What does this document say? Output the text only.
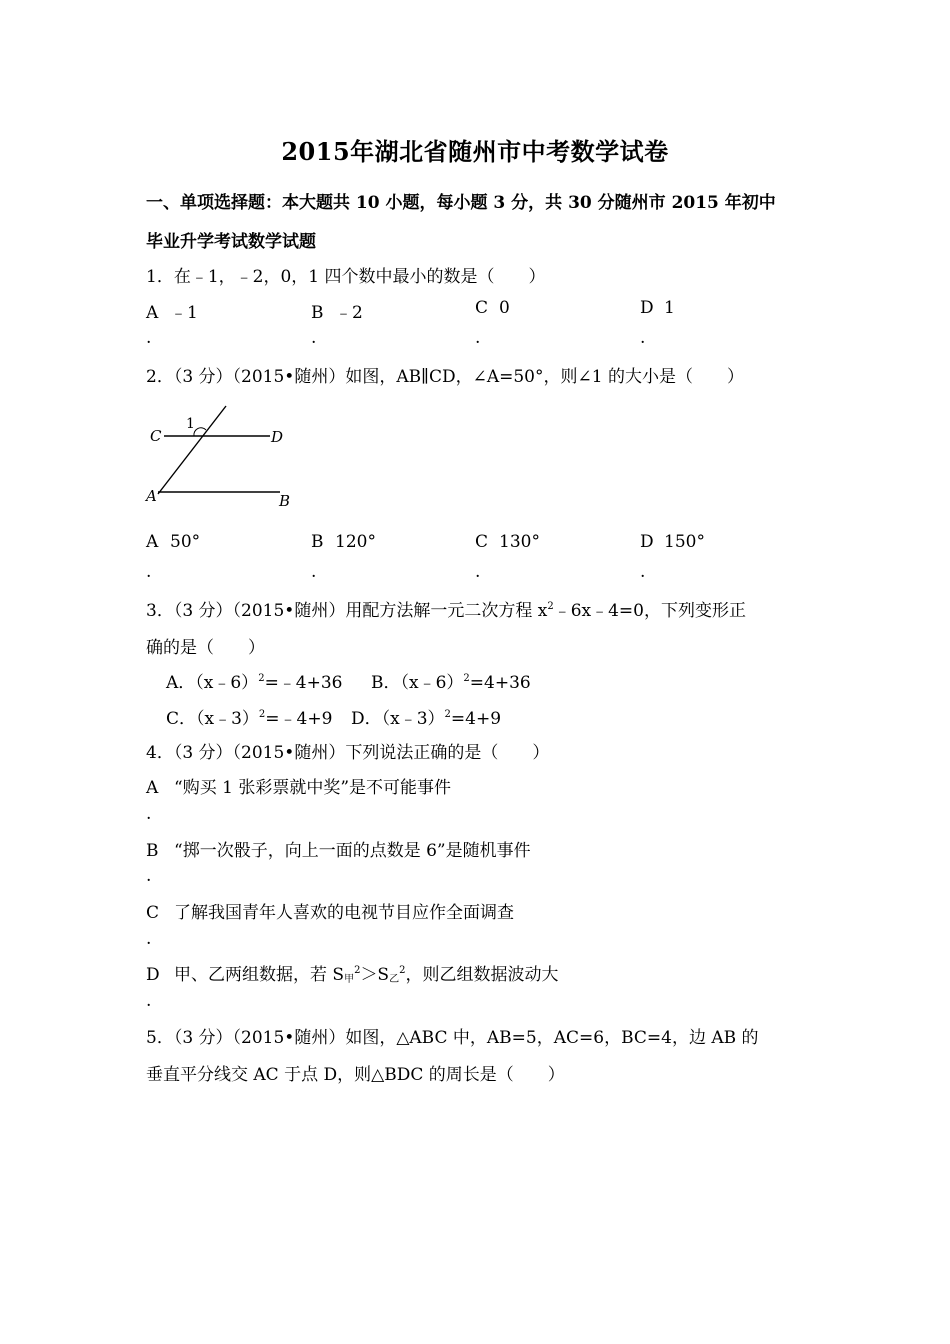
2015年湖北省随州市中考数学试卷
一、单项选择题：本大题共 10 小题，每小题 3 分，共 30 分随州市 2015 年初中
毕业升学考试数学试题
1．在﹣1，﹣2，0，1 四个数中最小的数是（　　）
A ﹣1	B ﹣2	C 0	D 1
.	.	.	.
2．（3 分）（2015•随州）如图，AB∥CD，∠A=50°，则∠1 的大小是（　　）
C	D
A	B
1
A 50°	B 120°	C 130°	D 150°
.	.	.	.
3．（3 分）（2015•随州）用配方法解一元二次方程 $x^2﹣6x﹣4=0$，下列变形正
确的是（　　）
A．（x﹣6）$^2$=﹣4+36 B．（x﹣6）$^2$=4+36
C．（x﹣3）$^2$=﹣4+9 D．（x﹣3）$^2$=4+9
4．（3 分）（2015•随州）下列说法正确的是（　　）
A “购买 1 张彩票就中奖”是不可能事件
.
B “掷一次骰子，向上一面的点数是 6”是随机事件
.
C 了解我国青年人喜欢的电视节目应作全面调查
.
D 甲、乙两组数据，若 $S_甲^2>S_乙^2$，则乙组数据波动大
.
5．（3 分）（2015•随州）如图，△ABC 中，AB=5，AC=6，BC=4，边 AB 的
垂直平分线交 AC 于点 D，则△BDC 的周长是（　　）
